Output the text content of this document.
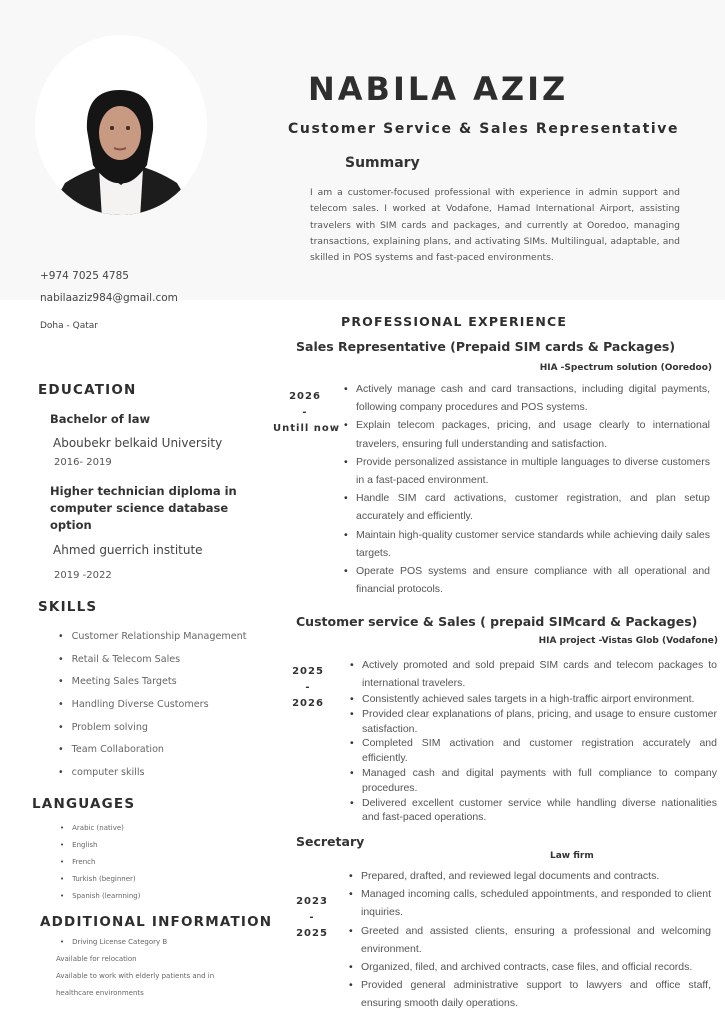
NABILA AZIZ
Customer Service & Sales Representative
Summary
I am a customer-focused professional with experience in admin support and telecom sales. I worked at Vodafone, Hamad International Airport, assisting travelers with SIM cards and packages, and currently at Ooredoo, managing transactions, explaining plans, and activating SIMs. Multilingual, adaptable, and skilled in POS systems and fast-paced environments.
+974 7025 4785
nabilaaziz984@gmail.com
Doha - Qatar
EDUCATION
Bachelor of law
Aboubekr belkaid University
2016- 2019
Higher technician diploma in computer science database option
Ahmed guerrich institute
2019 -2022
SKILLS
• Customer Relationship Management
• Retail & Telecom Sales
• Meeting Sales Targets
• Handling Diverse Customers
• Problem solving
• Team Collaboration
• computer skills
LANGUAGES
• Arabic (native)
• English
• French
• Turkish (beginner)
• Spanish (learnning)
ADDITIONAL INFORMATION
• Driving License Category B
Available for relocation
Available to work with elderly patients and in
healthcare environments
PROFESSIONAL EXPERIENCE
Sales Representative (Prepaid SIM cards & Packages)
HIA -Spectrum solution (Ooredoo)
2026
-
Untill now
• Actively manage cash and card transactions, including digital payments, following company procedures and POS systems.
• Explain telecom packages, pricing, and usage clearly to international travelers, ensuring full understanding and satisfaction.
• Provide personalized assistance in multiple languages to diverse customers in a fast-paced environment.
• Handle SIM card activations, customer registration, and plan setup accurately and efficiently.
• Maintain high-quality customer service standards while achieving daily sales targets.
• Operate POS systems and ensure compliance with all operational and financial protocols.
Customer service & Sales ( prepaid SIMcard & Packages)
HIA project -Vistas Glob (Vodafone)
2025
-
2026
• Actively promoted and sold prepaid SIM cards and telecom packages to international travelers.
• Consistently achieved sales targets in a high-traffic airport environment.
• Provided clear explanations of plans, pricing, and usage to ensure customer satisfaction.
• Completed SIM activation and customer registration accurately and efficiently.
• Managed cash and digital payments with full compliance to company procedures.
• Delivered excellent customer service while handling diverse nationalities and fast-paced operations.
Secretary
Law firm
2023
-
2025
• Prepared, drafted, and reviewed legal documents and contracts.
• Managed incoming calls, scheduled appointments, and responded to client inquiries.
• Greeted and assisted clients, ensuring a professional and welcoming environment.
• Organized, filed, and archived contracts, case files, and official records.
• Provided general administrative support to lawyers and office staff, ensuring smooth daily operations.
